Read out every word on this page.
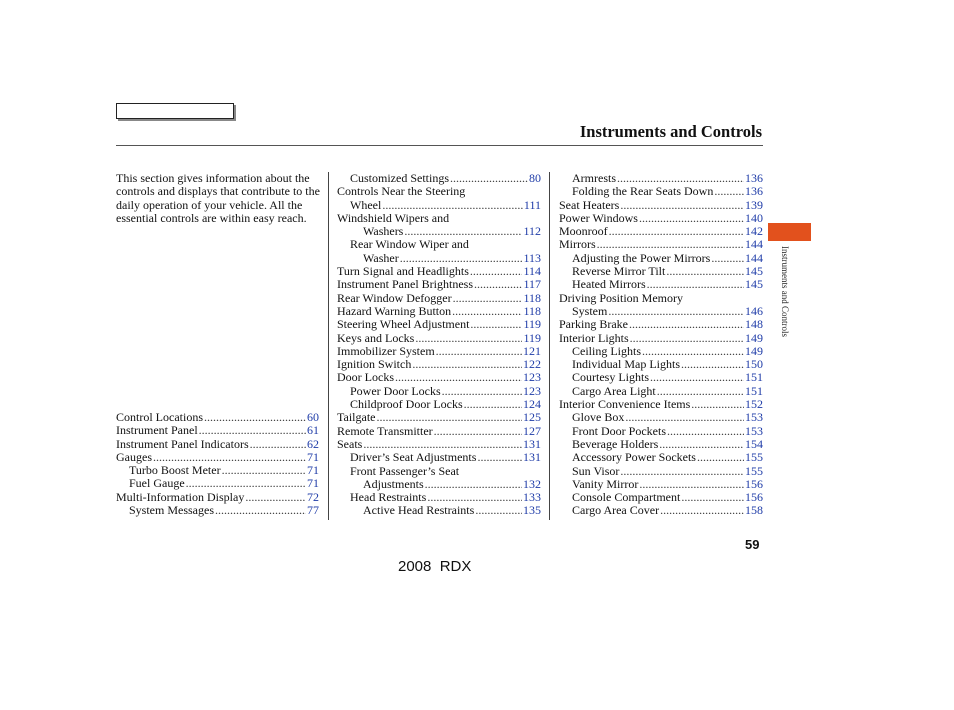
Instruments and Controls
Instruments and Controls
This section gives information about the controls and displays that contribute to the daily operation of your vehicle. All the essential controls are within easy reach.
Control Locations .....	60
Instrument Panel .....	61
Instrument Panel Indicators .....	62
Gauges .....	71
Turbo Boost Meter .....	71
Fuel Gauge .....	71
Multi-Information Display .....	72
System Messages .....	77
Customized Settings .....	80
Controls Near the Steering
Wheel .....	111
Windshield Wipers and
Washers .....	112
Rear Window Wiper and
Washer .....	113
Turn Signal and Headlights .....	114
Instrument Panel Brightness .....	117
Rear Window Defogger .....	118
Hazard Warning Button .....	118
Steering Wheel Adjustment .....	119
Keys and Locks .....	119
Immobilizer System .....	121
Ignition Switch .....	122
Door Locks .....	123
Power Door Locks .....	123
Childproof Door Locks .....	124
Tailgate .....	125
Remote Transmitter .....	127
Seats .....	131
Driver’s Seat Adjustments .....	131
Front Passenger’s Seat
Adjustments .....	132
Head Restraints .....	133
Active Head Restraints .....	135
Armrests .....	136
Folding the Rear Seats Down .....	136
Seat Heaters .....	139
Power Windows .....	140
Moonroof .....	142
Mirrors .....	144
Adjusting the Power Mirrors .....	144
Reverse Mirror Tilt .....	145
Heated Mirrors .....	145
Driving Position Memory
System .....	146
Parking Brake .....	148
Interior Lights .....	149
Ceiling Lights .....	149
Individual Map Lights .....	150
Courtesy Lights .....	151
Cargo Area Light .....	151
Interior Convenience Items .....	152
Glove Box .....	153
Front Door Pockets .....	153
Beverage Holders .....	154
Accessory Power Sockets .....	155
Sun Visor .....	155
Vanity Mirror .....	156
Console Compartment .....	156
Cargo Area Cover .....	158
59
2008  RDX
